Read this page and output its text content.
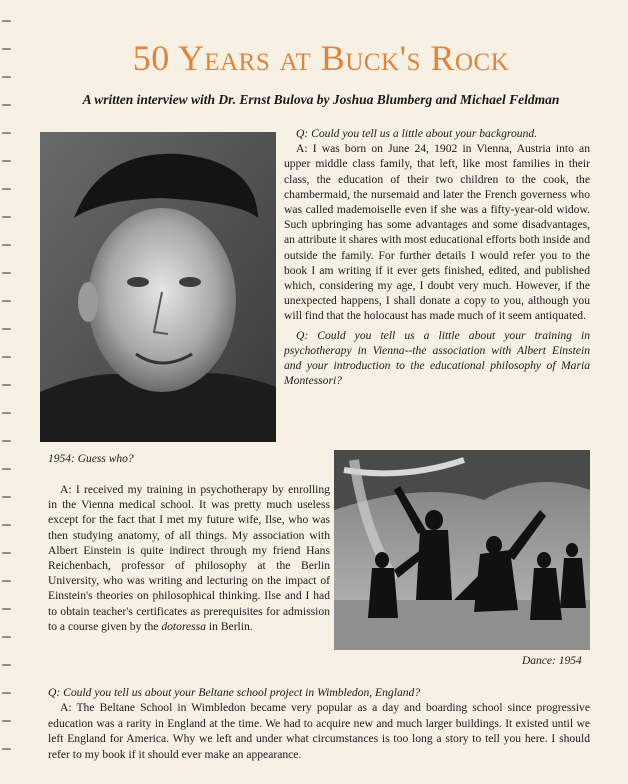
50 Years at Buck's Rock

A written interview with Dr. Ernst Bulova by Joshua Blumberg and Michael Feldman

1954: Guess who?

Dance: 1954

Q: Could you tell us a little about your background.

A: I was born on June 24, 1902 in Vienna, Austria into an upper middle class family, that left, like most families in their class, the education of their two children to the cook, the chambermaid, the nursemaid and later the French governess who was called mademoiselle even if she was a fifty-year-old widow. Such upbringing has some advantages and some disadvantages, an attribute it shares with most educational efforts both inside and outside the family. For further details I would refer you to the book I am writing if it ever gets finished, edited, and published which, considering my age, I doubt very much. However, if the unexpected happens, I shall donate a copy to you, although you will find that the holocaust has made much of it seem antiquated.

Q: Could you tell us a little about your training in psychotherapy in Vienna--the association with Albert Einstein and your introduction to the educational philosophy of Maria Montessori?

A: I received my training in psychotherapy by enrolling in the Vienna medical school. It was pretty much useless except for the fact that I met my future wife, Ilse, who was then studying anatomy, of all things. My association with Albert Einstein is quite indirect through my friend Hans Reichenbach, professor of philosophy at the Berlin University, who was writing and lecturing on the impact of Einstein's theories on philosophical thinking. Ilse and I had to obtain teacher's certificates as prerequisites for admission to a course given by the dotoressa in Berlin.

Q: Could you tell us about your Beltane school project in Wimbledon, England?

A: The Beltane School in Wimbledon became very popular as a day and boarding school since progressive education was a rarity in England at the time. We had to acquire new and much larger buildings. It existed until we left England for America. Why we left and under what circumstances is too long a story to tell you here. I should refer to my book if it should ever make an appearance.
